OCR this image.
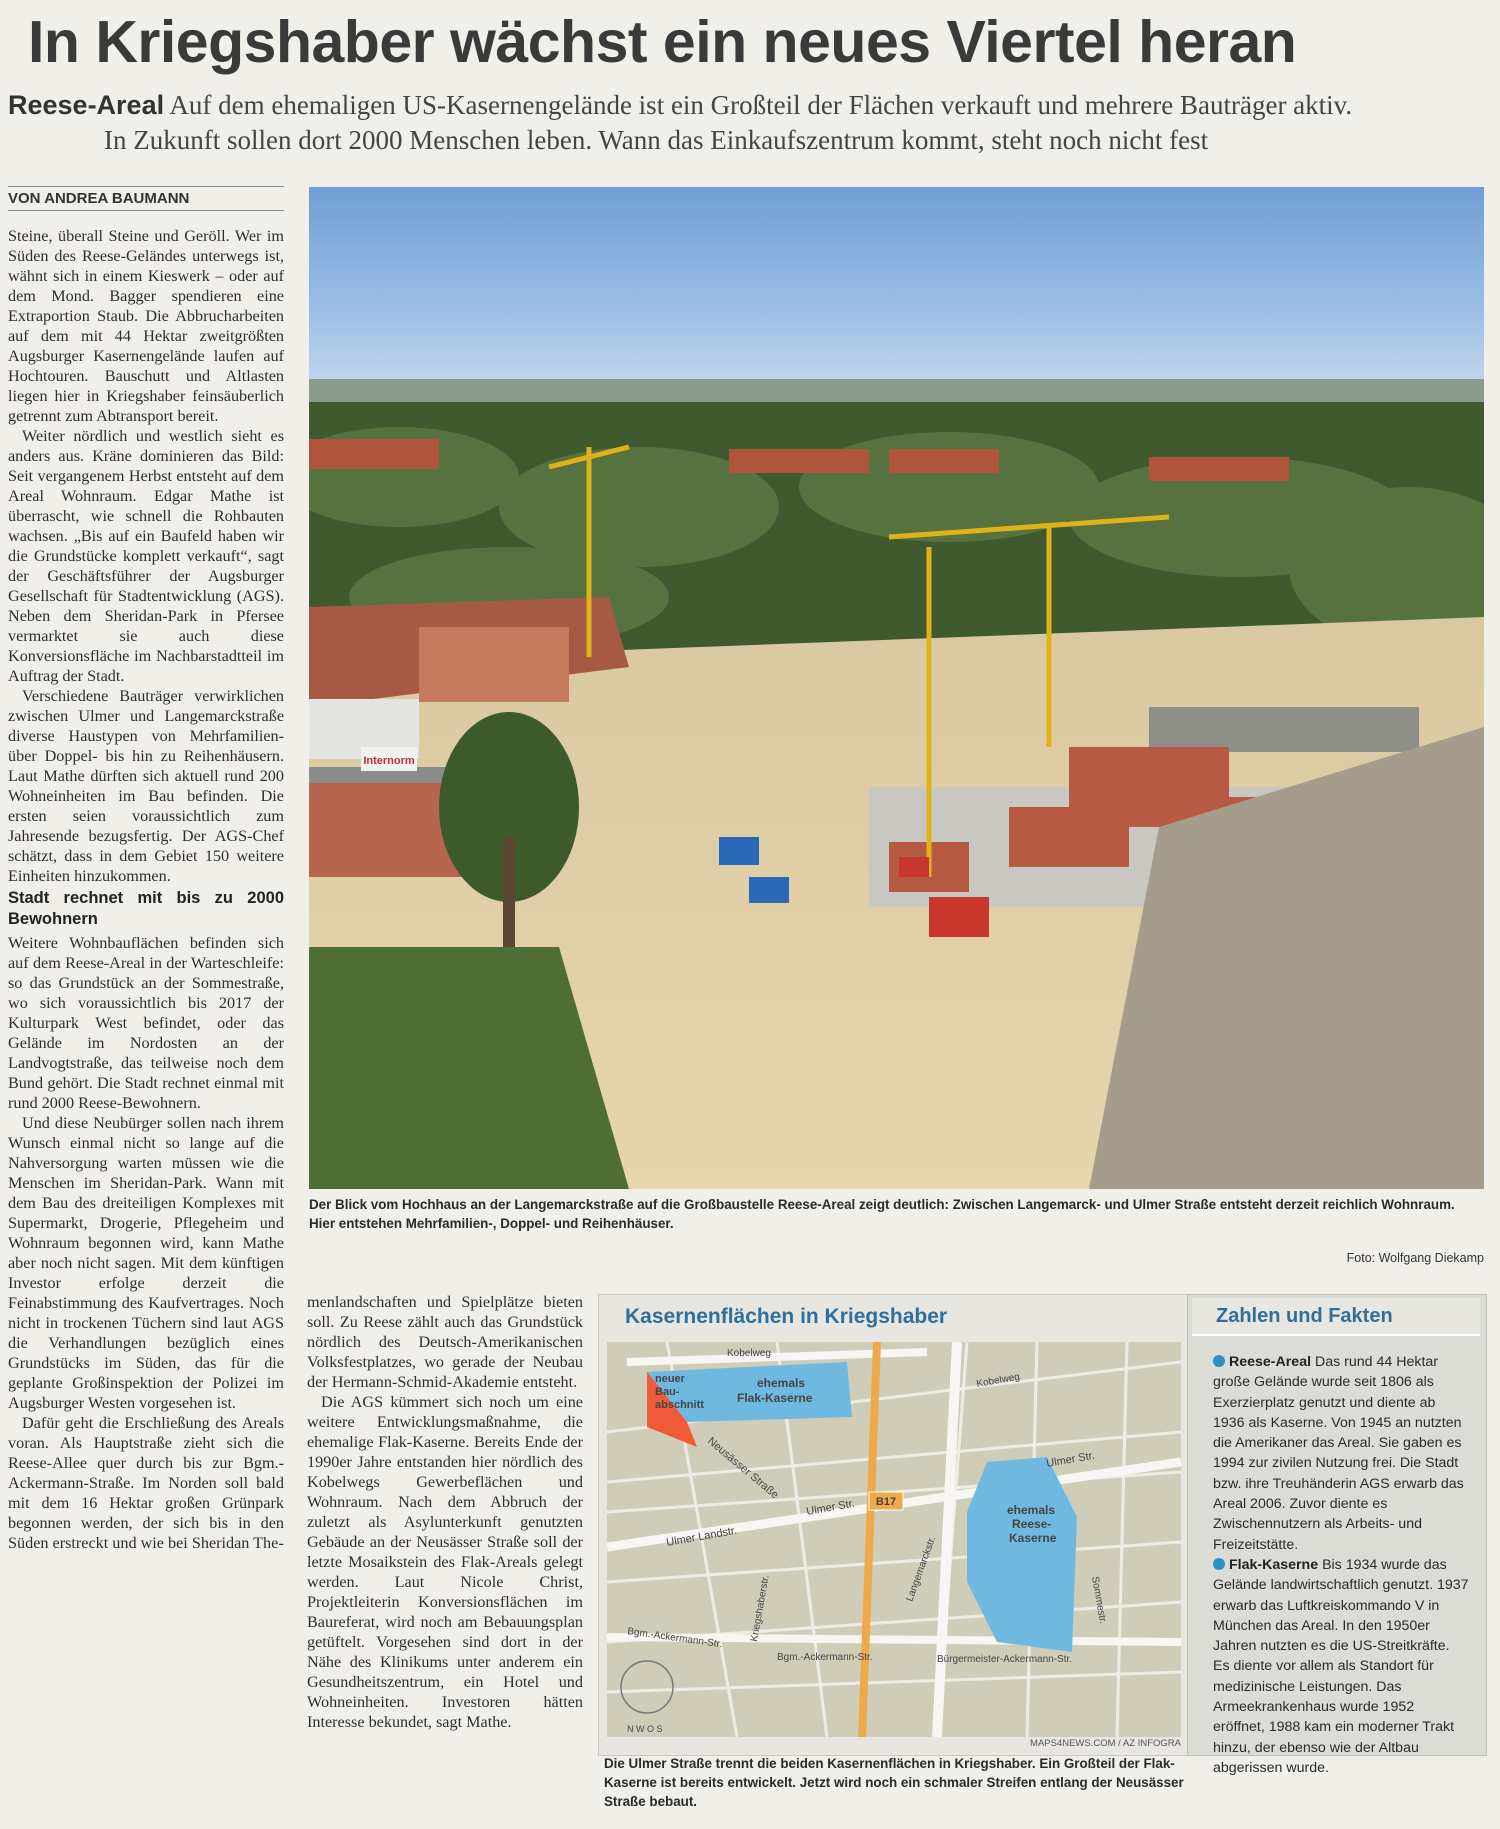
In Kriegshaber wächst ein neues Viertel heran
Reese-Areal Auf dem ehemaligen US-Kasernengelände ist ein Großteil der Flächen verkauft und mehrere Bauträger aktiv.
In Zukunft sollen dort 2000 Menschen leben. Wann das Einkaufszentrum kommt, steht noch nicht fest
VON ANDREA BAUMANN

Steine, überall Steine und Geröll. Wer im Süden des Reese-Geländes unterwegs ist, wähnt sich in einem Kieswerk – oder auf dem Mond. Bagger spendieren eine Extraportion Staub. Die Abbrucharbeiten auf dem mit 44 Hektar zweitgrößten Augsburger Kasernengelände laufen auf Hochtouren. Bauschutt und Altlasten liegen hier in Kriegshaber feinsäuberlich getrennt zum Abtransport bereit.

Weiter nördlich und westlich sieht es anders aus. Kräne dominieren das Bild: Seit vergangenem Herbst entsteht auf dem Areal Wohnraum. Edgar Mathe ist überrascht, wie schnell die Rohbauten wachsen. „Bis auf ein Baufeld haben wir die Grundstücke komplett verkauft“, sagt der Geschäftsführer der Augsburger Gesellschaft für Stadtentwicklung (AGS). Neben dem Sheridan-Park in Pfersee vermarktet sie auch diese Konversionsfläche im Nachbarstadtteil im Auftrag der Stadt.

Verschiedene Bauträger verwirklichen zwischen Ulmer und Langemarckstraße diverse Haustypen von Mehrfamilien- über Doppel- bis hin zu Reihenhäusern. Laut Mathe dürften sich aktuell rund 200 Wohneinheiten im Bau befinden. Die ersten seien voraussichtlich zum Jahresende bezugsfertig. Der AGS-Chef schätzt, dass in dem Gebiet 150 weitere Einheiten hinzukommen.

Stadt rechnet mit bis zu 2000 Bewohnern

Weitere Wohnbauflächen befinden sich auf dem Reese-Areal in der Warteschleife: so das Grundstück an der Sommestraße, wo sich voraussichtlich bis 2017 der Kulturpark West befindet, oder das Gelände im Nordosten an der Landvogtstraße, das teilweise noch dem Bund gehört. Die Stadt rechnet einmal mit rund 2000 Reese-Bewohnern.

Und diese Neubürger sollen nach ihrem Wunsch einmal nicht so lange auf die Nahversorgung warten müssen wie die Menschen im Sheridan-Park. Wann mit dem Bau des dreiteiligen Komplexes mit Supermarkt, Drogerie, Pflegeheim und Wohnraum begonnen wird, kann Mathe aber noch nicht sagen. Mit dem künftigen Investor erfolge derzeit die Feinabstimmung des Kaufvertrages. Noch nicht in trockenen Tüchern sind laut AGS die Verhandlungen bezüglich eines Grundstücks im Süden, das für die geplante Großinspektion der Polizei im Augsburger Westen vorgesehen ist.

Dafür geht die Erschließung des Areals voran. Als Hauptstraße zieht sich die Reese-Allee quer durch bis zur Bgm.-Ackermann-Straße. Im Norden soll bald mit dem 16 Hektar großen Grünpark begonnen werden, der sich bis in den Süden erstreckt und wie bei Sheridan The-

Internorm
Der Blick vom Hochhaus an der Langemarckstraße auf die Großbaustelle Reese-Areal zeigt deutlich: Zwischen Langemarck- und Ulmer Straße entsteht derzeit reichlich Wohnraum. Hier entstehen Mehrfamilien-, Doppel- und Reihenhäuser.
Foto: Wolfgang Diekamp

menlandschaften und Spielplätze bieten soll. Zu Reese zählt auch das Grundstück nördlich des Deutsch-Amerikanischen Volksfestplatzes, wo gerade der Neubau der Hermann-Schmid-Akademie entsteht.

Die AGS kümmert sich noch um eine weitere Entwicklungsmaßnahme, die ehemalige Flak-Kaserne. Bereits Ende der 1990er Jahre entstanden hier nördlich des Kobelwegs Gewerbeflächen und Wohnraum. Nach dem Abbruch der zuletzt als Asylunterkunft genutzten Gebäude an der Neusässer Straße soll der letzte Mosaikstein des Flak-Areals gelegt werden. Laut Nicole Christ, Projektleiterin Konversionsflächen im Baureferat, wird noch am Bebauungsplan getüftelt. Vorgesehen sind dort in der Nähe des Klinikums unter anderem ein Gesundheitszentrum, ein Hotel und Wohneinheiten. Investoren hätten Interesse bekundet, sagt Mathe.

Kasernenflächen in Kriegshaber
B17
neuer
Bau-
abschnitt
ehemals
Flak-Kaserne
ehemals
Reese-
Kaserne
Kobelweg
Kobelweg
Ulmer Str.
Ulmer Str.
Ulmer Landstr.
Neusässer Straße
Kriegshaberstr.
Langemarckstr.	Sommestr.
Bgm.-Ackermann-Str.
Bgm.-Ackermann-Str.	Bürgermeister-Ackermann-Str.
N W O S
MAPS4NEWS.COM / AZ INFOGRA
Die Ulmer Straße trennt die beiden Kasernenflächen in Kriegshaber. Ein Großteil der Flak-Kaserne ist bereits entwickelt. Jetzt wird noch ein schmaler Streifen entlang der Neusässer Straße bebaut.
Zahlen und Fakten

Reese-Areal Das rund 44 Hektar große Gelände wurde seit 1806 als Exerzierplatz genutzt und diente ab 1936 als Kaserne. Von 1945 an nutzten die Amerikaner das Areal. Sie gaben es 1994 zur zivilen Nutzung frei. Die Stadt bzw. ihre Treuhänderin AGS erwarb das Areal 2006. Zuvor diente es Zwischennutzern als Arbeits- und Freizeitstätte.

Flak-Kaserne Bis 1934 wurde das Gelände landwirtschaftlich genutzt. 1937 erwarb das Luftkreiskommando V in München das Areal. In den 1950er Jahren nutzten es die US-Streitkräfte. Es diente vor allem als Standort für medizinische Leistungen. Das Armeekrankenhaus wurde 1952 eröffnet, 1988 kam ein moderner Trakt hinzu, der ebenso wie der Altbau abgerissen wurde.
